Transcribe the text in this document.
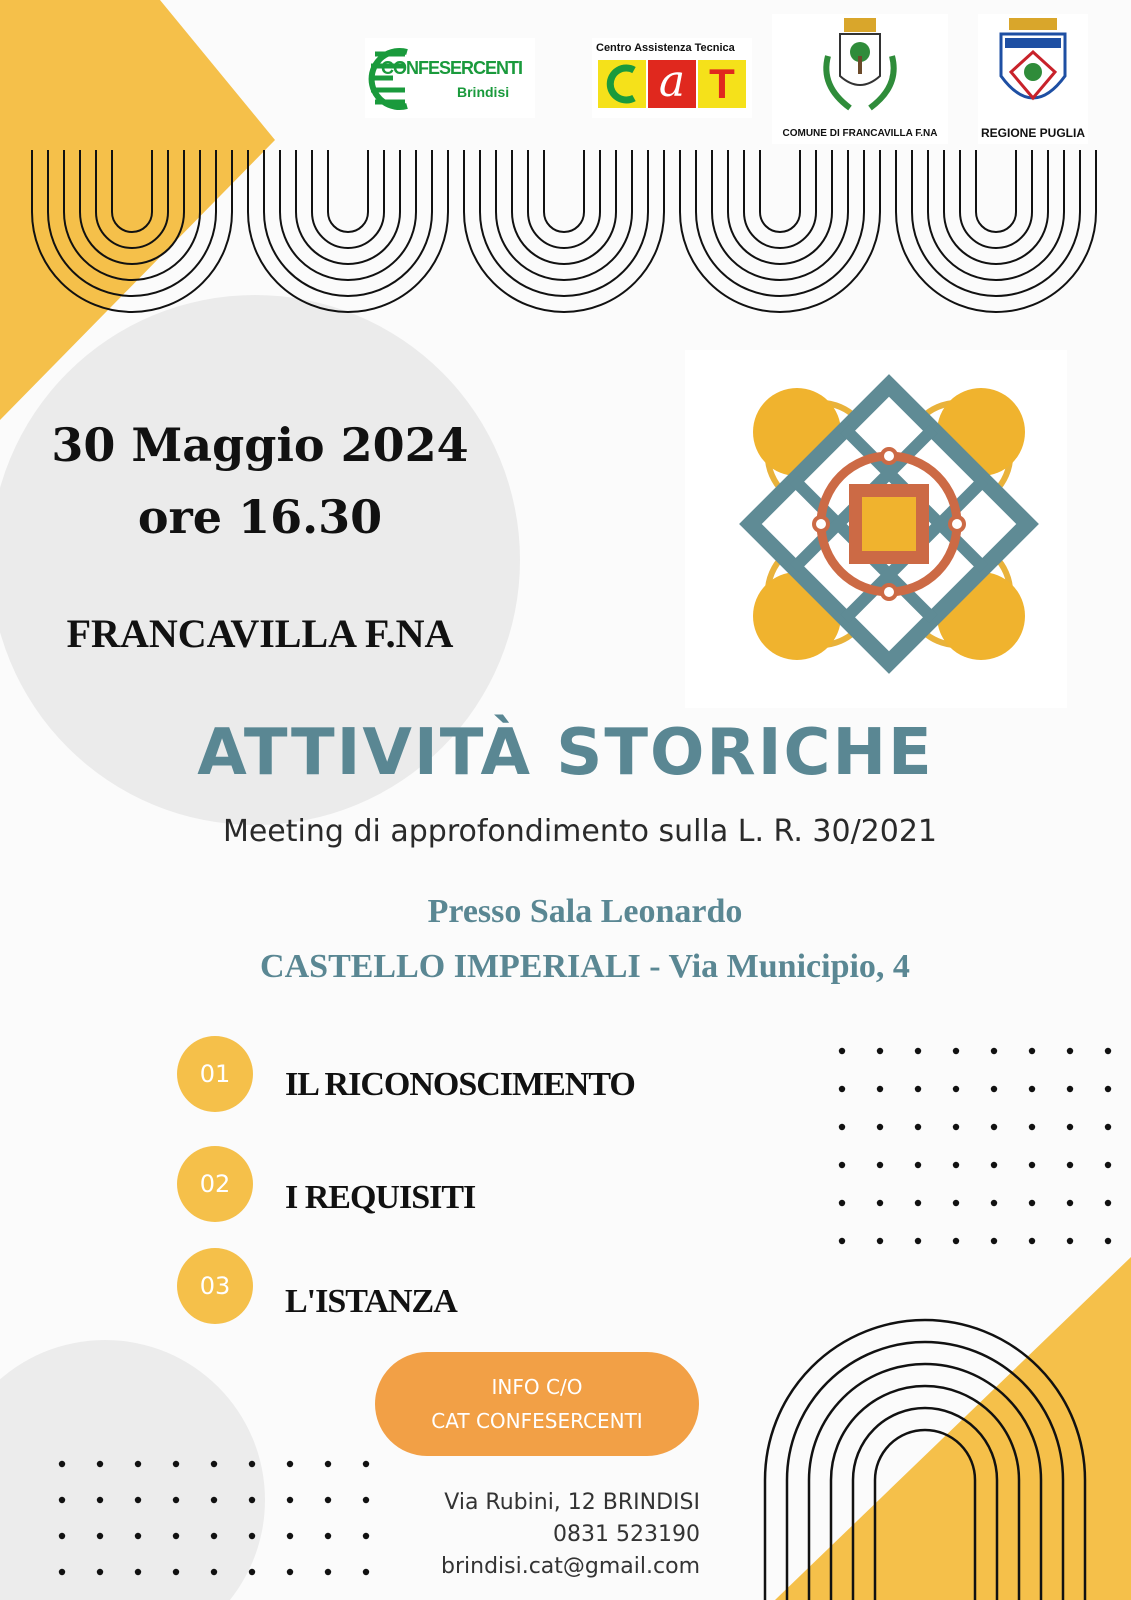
CONFESERCENTI
Brindisi
Centro Assistenza Tecnica
a T
COMUNE DI FRANCAVILLA F.NA	REGIONE PUGLIA
30 Maggio 2024
ore 16.30
FRANCAVILLA F.NA
ATTIVITÀ STORICHE
Meeting di approfondimento sulla L. R. 30/2021
Presso Sala Leonardo
CASTELLO IMPERIALI - Via Municipio, 4
01	IL RICONOSCIMENTO
02	I REQUISITI
03	L'ISTANZA
INFO C/O
CAT CONFESERCENTI
Via Rubini, 12 BRINDISI
0831 523190
brindisi.cat@gmail.com
